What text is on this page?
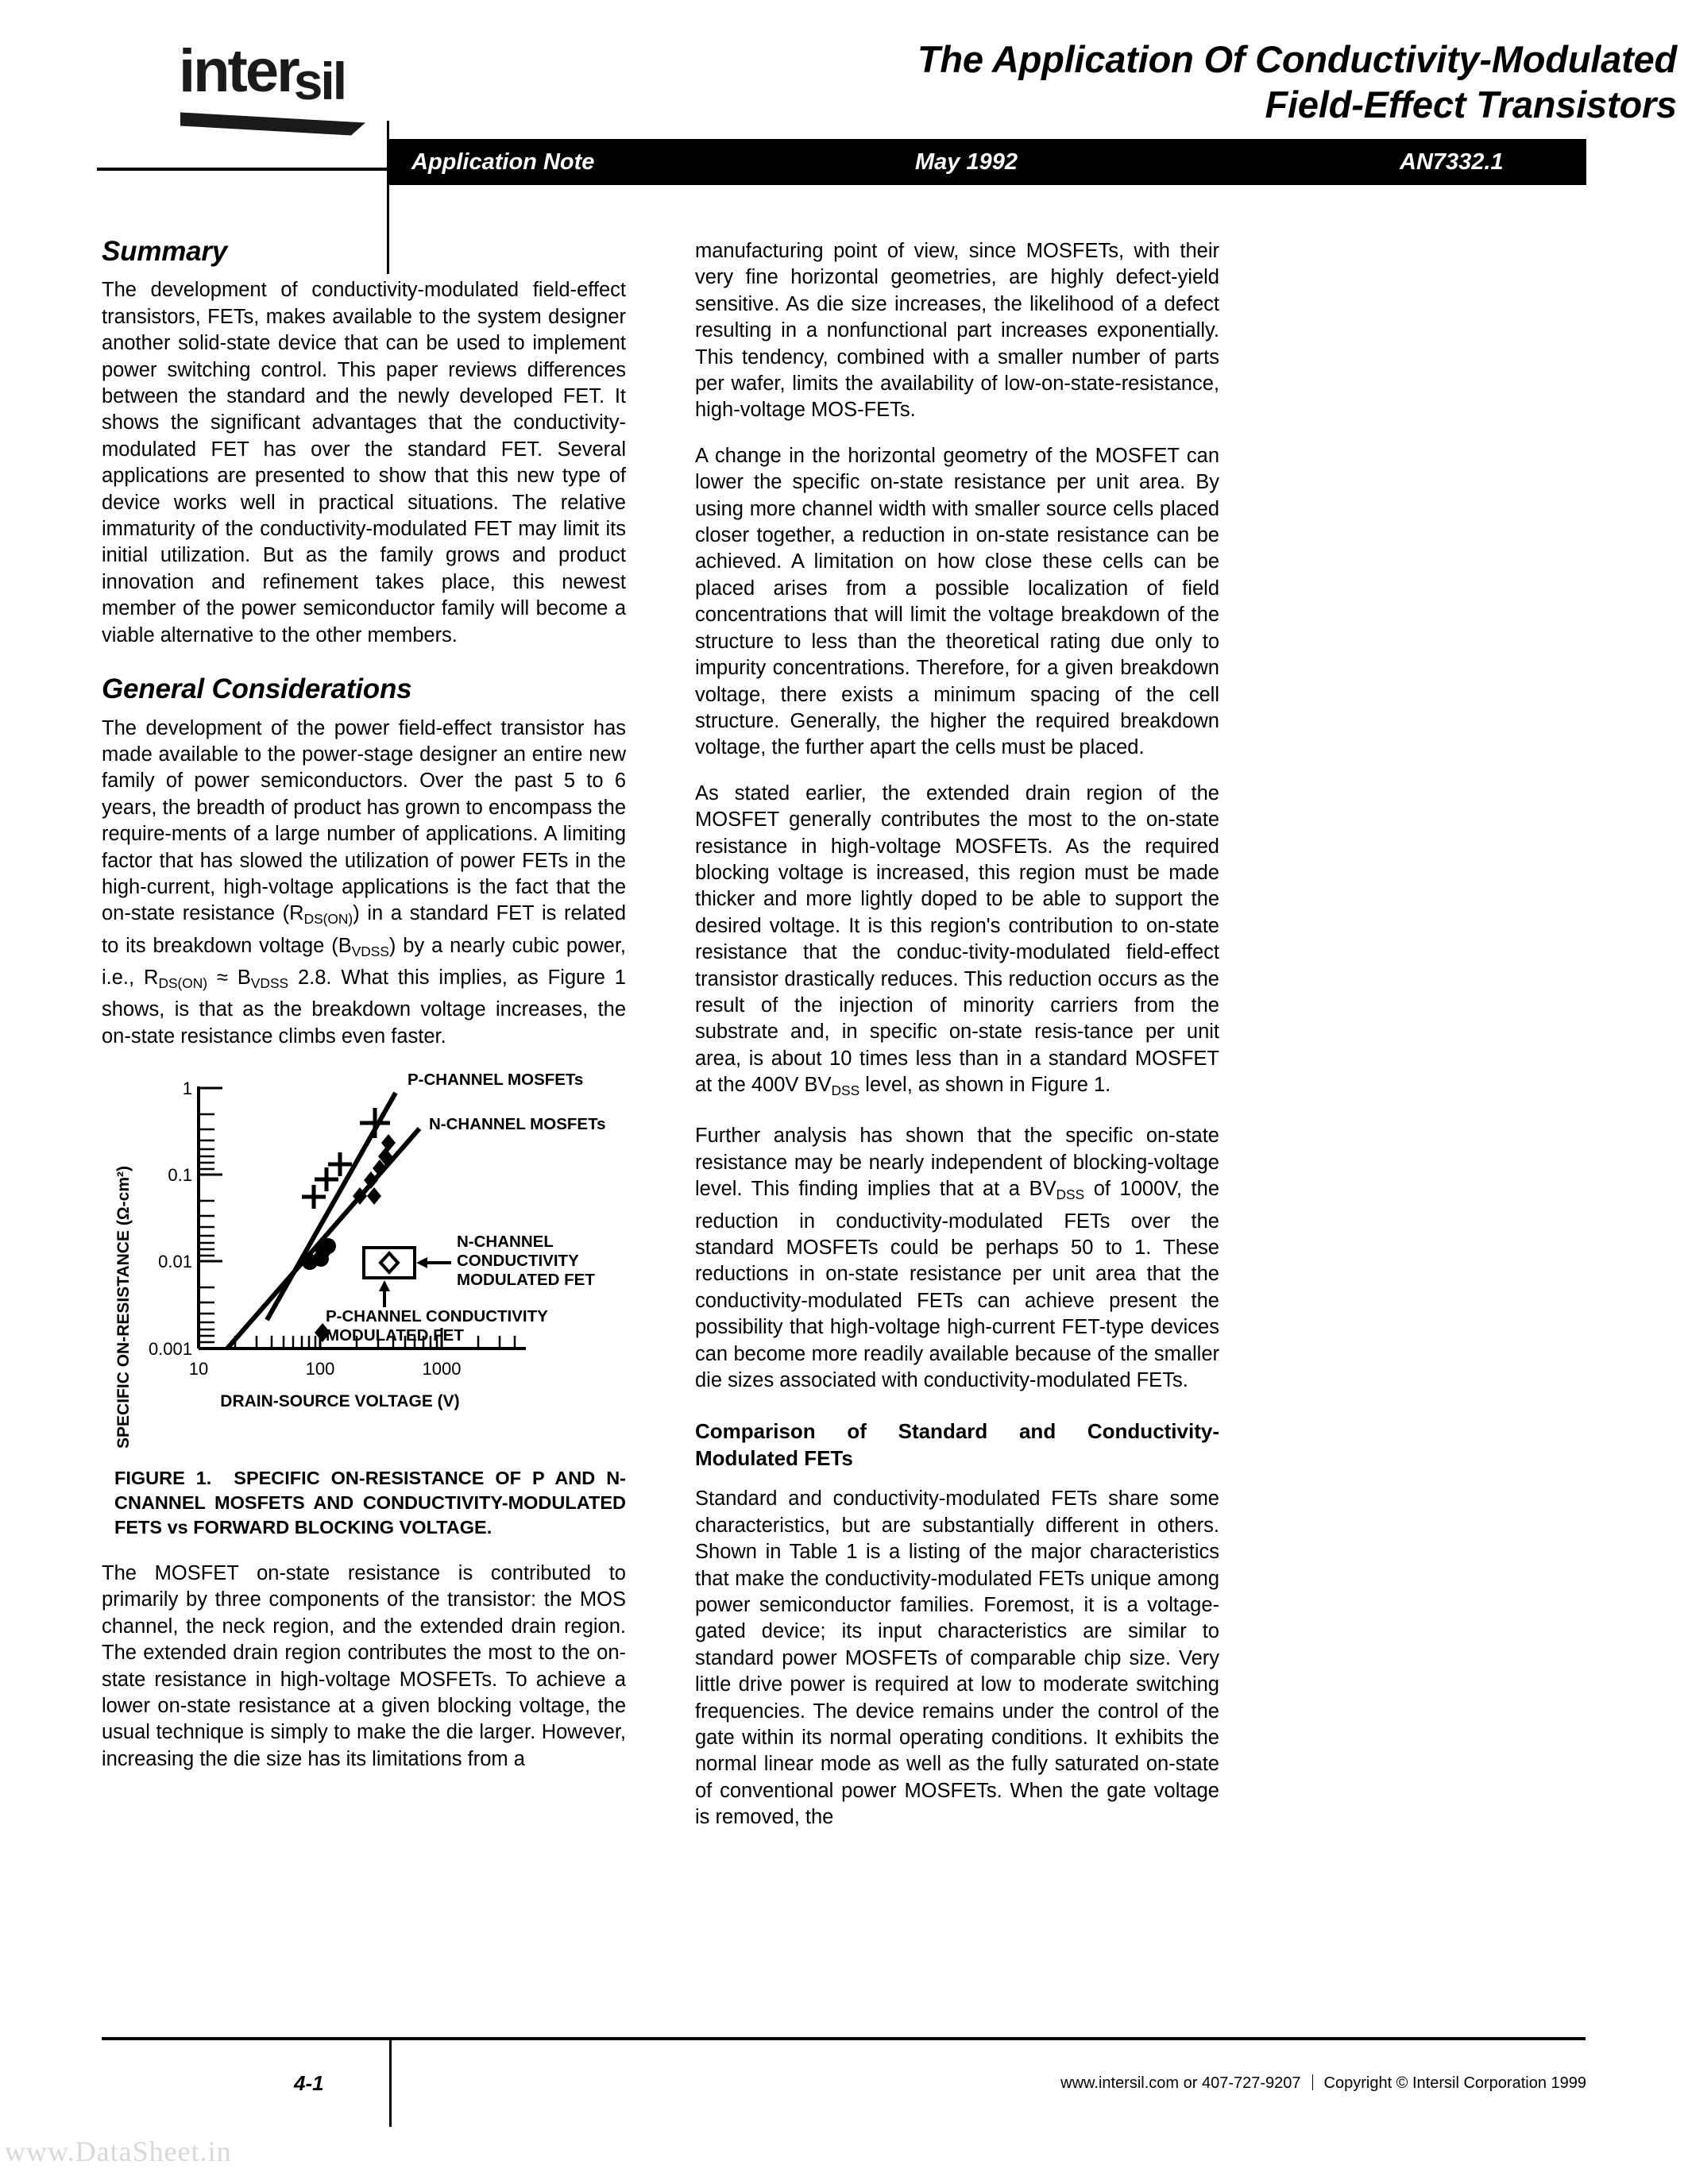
intersil	The Application Of Conductivity-Modulated
Field-Effect Transistors
Application Note	May 1992	AN7332.1
Summary

The development of conductivity-modulated field-effect transistors, FETs, makes available to the system designer another solid-state device that can be used to implement power switching control. This paper reviews differences between the standard and the newly developed FET. It shows the significant advantages that the conductivity-modulated FET has over the standard FET. Several applications are presented to show that this new type of device works well in practical situations. The relative immaturity of the conductivity-modulated FET may limit its initial utilization. But as the family grows and product innovation and refinement takes place, this newest member of the power semiconductor family will become a viable alternative to the other members.

General Considerations

The development of the power field-effect transistor has made available to the power-stage designer an entire new family of power semiconductors. Over the past 5 to 6 years, the breadth of product has grown to encompass the require-ments of a large number of applications. A limiting factor that has slowed the utilization of power FETs in the high-current, high-voltage applications is the fact that the on-state resistance $(R_{DS(ON)})$ in a standard FET is related to its breakdown voltage $(B_{VDSS})$ by a nearly cubic power, i.e., $R_{DS(ON)} \approx B_{VDSS}$ 2.8. What this implies, as Figure 1 shows, is that as the breakdown voltage increases, the on-state resistance climbs even faster.

SPECIFIC ON-RESISTANCE (Ω-cm²)
1
0.1
0.01
0.001
10	100	1000
DRAIN-SOURCE VOLTAGE (V)
P-CHANNEL MOSFETs
N-CHANNEL MOSFETs
N-CHANNEL
CONDUCTIVITY
MODULATED FET
P-CHANNEL CONDUCTIVITY
MODULATED FET
FIGURE 1. SPECIFIC ON-RESISTANCE OF P AND N-CNANNEL MOSFETS AND CONDUCTIVITY-MODULATED FETS vs FORWARD BLOCKING VOLTAGE.

The MOSFET on-state resistance is contributed to primarily by three components of the transistor: the MOS channel, the neck region, and the extended drain region. The extended drain region contributes the most to the on-state resistance in high-voltage MOSFETs. To achieve a lower on-state resistance at a given blocking voltage, the usual technique is simply to make the die larger. However, increasing the die size has its limitations from a

manufacturing point of view, since MOSFETs, with their very fine horizontal geometries, are highly defect-yield sensitive. As die size increases, the likelihood of a defect resulting in a nonfunctional part increases exponentially. This tendency, combined with a smaller number of parts per wafer, limits the availability of low-on-state-resistance, high-voltage MOS-FETs.

A change in the horizontal geometry of the MOSFET can lower the specific on-state resistance per unit area. By using more channel width with smaller source cells placed closer together, a reduction in on-state resistance can be achieved. A limitation on how close these cells can be placed arises from a possible localization of field concentrations that will limit the voltage breakdown of the structure to less than the theoretical rating due only to impurity concentrations. Therefore, for a given breakdown voltage, there exists a minimum spacing of the cell structure. Generally, the higher the required breakdown voltage, the further apart the cells must be placed.

As stated earlier, the extended drain region of the MOSFET generally contributes the most to the on-state resistance in high-voltage MOSFETs. As the required blocking voltage is increased, this region must be made thicker and more lightly doped to be able to support the desired voltage. It is this region's contribution to on-state resistance that the conduc-tivity-modulated field-effect transistor drastically reduces. This reduction occurs as the result of the injection of minority carriers from the substrate and, in specific on-state resis-tance per unit area, is about 10 times less than in a standard MOSFET at the 400V $BV_{DSS}$ level, as shown in Figure 1.

Further analysis has shown that the specific on-state resistance may be nearly independent of blocking-voltage level. This finding implies that at a $BV_{DSS}$ of 1000V, the reduction in conductivity-modulated FETs over the standard MOSFETs could be perhaps 50 to 1. These reductions in on-state resistance per unit area that the conductivity-modulated FETs can achieve present the possibility that high-voltage high-current FET-type devices can become more readily available because of the smaller die sizes associated with conductivity-modulated FETs.

Comparison of Standard and Conductivity-Modulated FETs

Standard and conductivity-modulated FETs share some characteristics, but are substantially different in others. Shown in Table 1 is a listing of the major characteristics that make the conductivity-modulated FETs unique among power semiconductor families. Foremost, it is a voltage-gated device; its input characteristics are similar to standard power MOSFETs of comparable chip size. Very little drive power is required at low to moderate switching frequencies. The device remains under the control of the gate within its normal operating conditions. It exhibits the normal linear mode as well as the fully saturated on-state of conventional power MOSFETs. When the gate voltage is removed, the

4-1	www.intersil.com or 407-727-9207 Copyright © Intersil Corporation 1999
www.DataSheet.in
